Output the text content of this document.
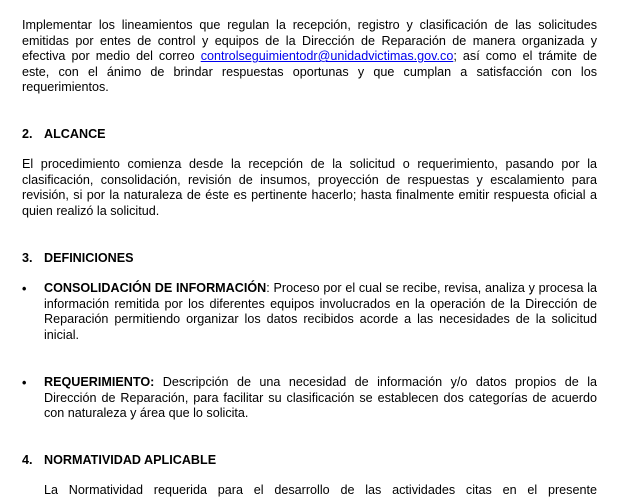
Implementar los lineamientos que regulan la recepción, registro y clasificación de las solicitudes emitidas por entes de control y equipos de la Dirección de Reparación de manera organizada y efectiva por medio del correo controlseguimientodr@unidadvictimas.gov.co; así como el trámite de este, con el ánimo de brindar respuestas oportunas y que cumplan a satisfacción con los requerimientos.
2. ALCANCE
El procedimiento comienza desde la recepción de la solicitud o requerimiento, pasando por la clasificación, consolidación, revisión de insumos, proyección de respuestas y escalamiento para revisión, si por la naturaleza de éste es pertinente hacerlo; hasta finalmente emitir respuesta oficial a quien realizó la solicitud.
3. DEFINICIONES
• CONSOLIDACIÓN DE INFORMACIÓN: Proceso por el cual se recibe, revisa, analiza y procesa la información remitida por los diferentes equipos involucrados en la operación de la Dirección de Reparación permitiendo organizar los datos recibidos acorde a las necesidades de la solicitud inicial.
• REQUERIMIENTO: Descripción de una necesidad de información y/o datos propios de la Dirección de Reparación, para facilitar su clasificación se establecen dos categorías de acuerdo con naturaleza y área que lo solicita.
4. NORMATIVIDAD APLICABLE
La Normatividad requerida para el desarrollo de las actividades citas en el presente
